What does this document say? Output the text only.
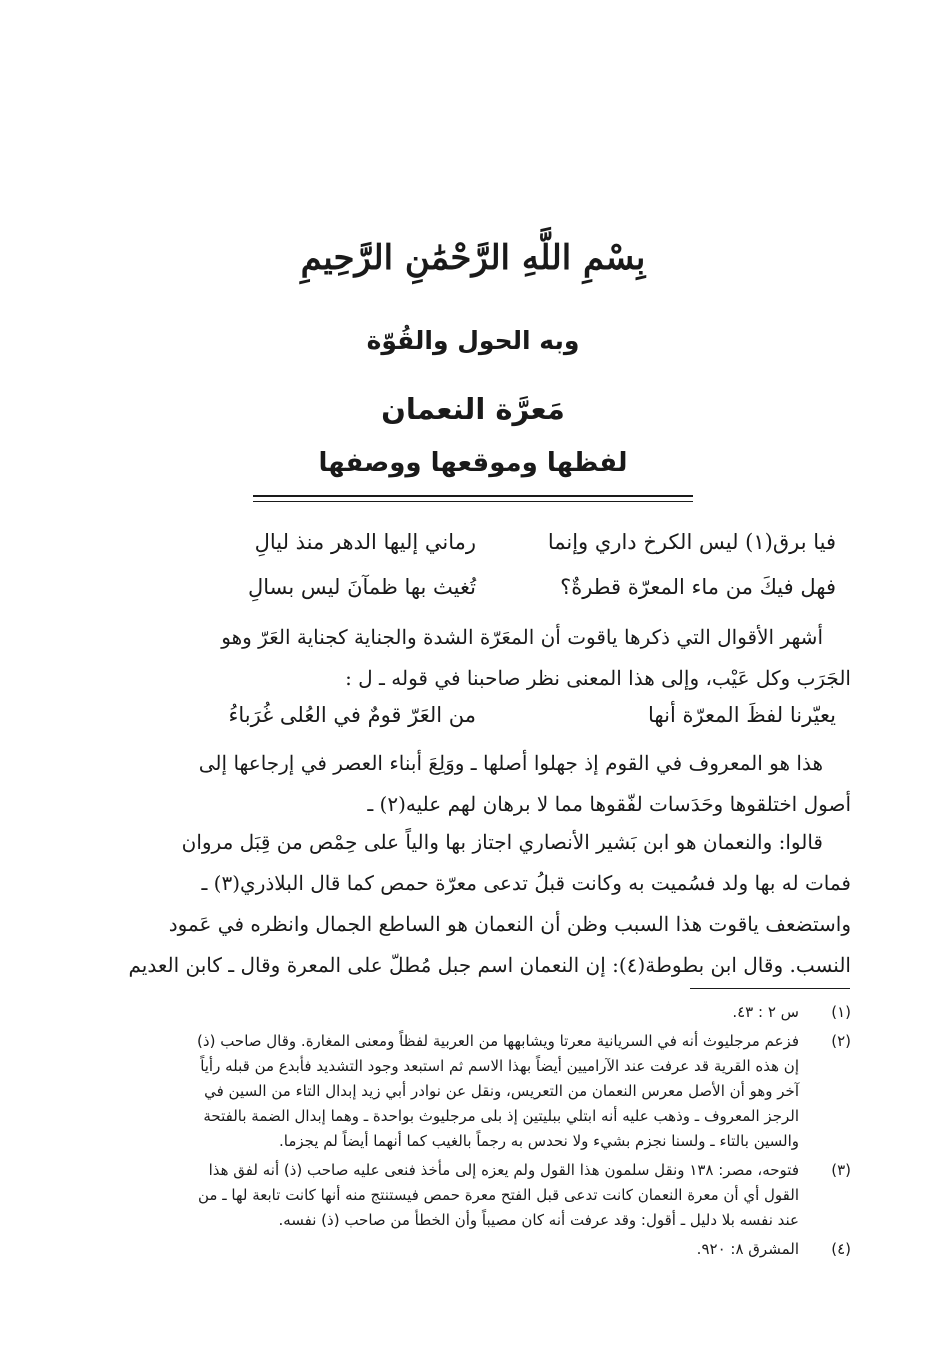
بِسْمِ اللَّهِ الرَّحْمَٰنِ الرَّحِيمِ
وبه الحول والقُوّة
مَعرَّة النعمان
لفظها وموقعها ووصفها
فيا برق(١) ليس الكرخ داري وإنما
رماني إليها الدهر منذ ليالِ
فهل فيكَ من ماء المعرّة قطرةٌ؟
تُغيث بها ظمآنَ ليس بسالِ
أشهر الأقوال التي ذكرها ياقوت أن المعَرّة الشدة والجناية كجناية العَرّ وهو
الجَرَب وكل عَيْب، وإلى هذا المعنى نظر صاحبنا في قوله ـ ل :
يعيّرنا لفظَ المعرّة أنها
من العَرّ قومٌ في العُلى غُرَباءُ
هذا هو المعروف في القوم إذ جهلوا أصلها ـ ووَلِعَ أبناء العصر في إرجاعها إلى
أصول اختلقوها وحَدَسات لفّقوها مما لا برهان لهم عليه(٢) ـ
قالوا: والنعمان هو ابن بَشير الأنصاري اجتاز بها والياً على حِمْص من قِبَل مروان
فمات له بها ولد فسُميت به وكانت قبلُ تدعى معرّة حمص كما قال البلاذري(٣) ـ
واستضعف ياقوت هذا السبب وظن أن النعمان هو الساطع الجمال وانظره في عَمود
النسب. وقال ابن بطوطة(٤): إن النعمان اسم جبل مُطلّ على المعرة وقال ـ كابن العديم
(١)
س ٢ : ٤٣.
(٢)
فزعم مرجليوث أنه في السريانية معرتا ويشابهها من العربية لفظاً ومعنى المغارة. وقال صاحب (ذ)
إن هذه القرية قد عرفت عند الآراميين أيضاً بهذا الاسم ثم استبعد وجود التشديد فأبدع من قبله رأياً
آخر وهو أن الأصل معرس النعمان من التعريس، ونقل عن نوادر أبي زيد إبدال التاء من السين في
الرجز المعروف ـ وذهب عليه أنه ابتلي ببليتين إذ بلى مرجليوث بواحدة ـ وهما إبدال الضمة بالفتحة
والسين بالتاء ـ ولسنا نجزم بشيء ولا نحدس به رجماً بالغيب كما أنهما أيضاً لم يجزما.
(٣)
فتوحه، مصر: ١٣٨ ونقل سلمون هذا القول ولم يعزه إلى مأخذ فنعى عليه صاحب (ذ) أنه لفق هذا
القول أي أن معرة النعمان كانت تدعى قبل الفتح معرة حمص فيستنتج منه أنها كانت تابعة لها ـ من
عند نفسه بلا دليل ـ أقول: وقد عرفت أنه كان مصيباً وأن الخطأ من صاحب (ذ) نفسه.
(٤)
المشرق ٨: ٩٢٠.
